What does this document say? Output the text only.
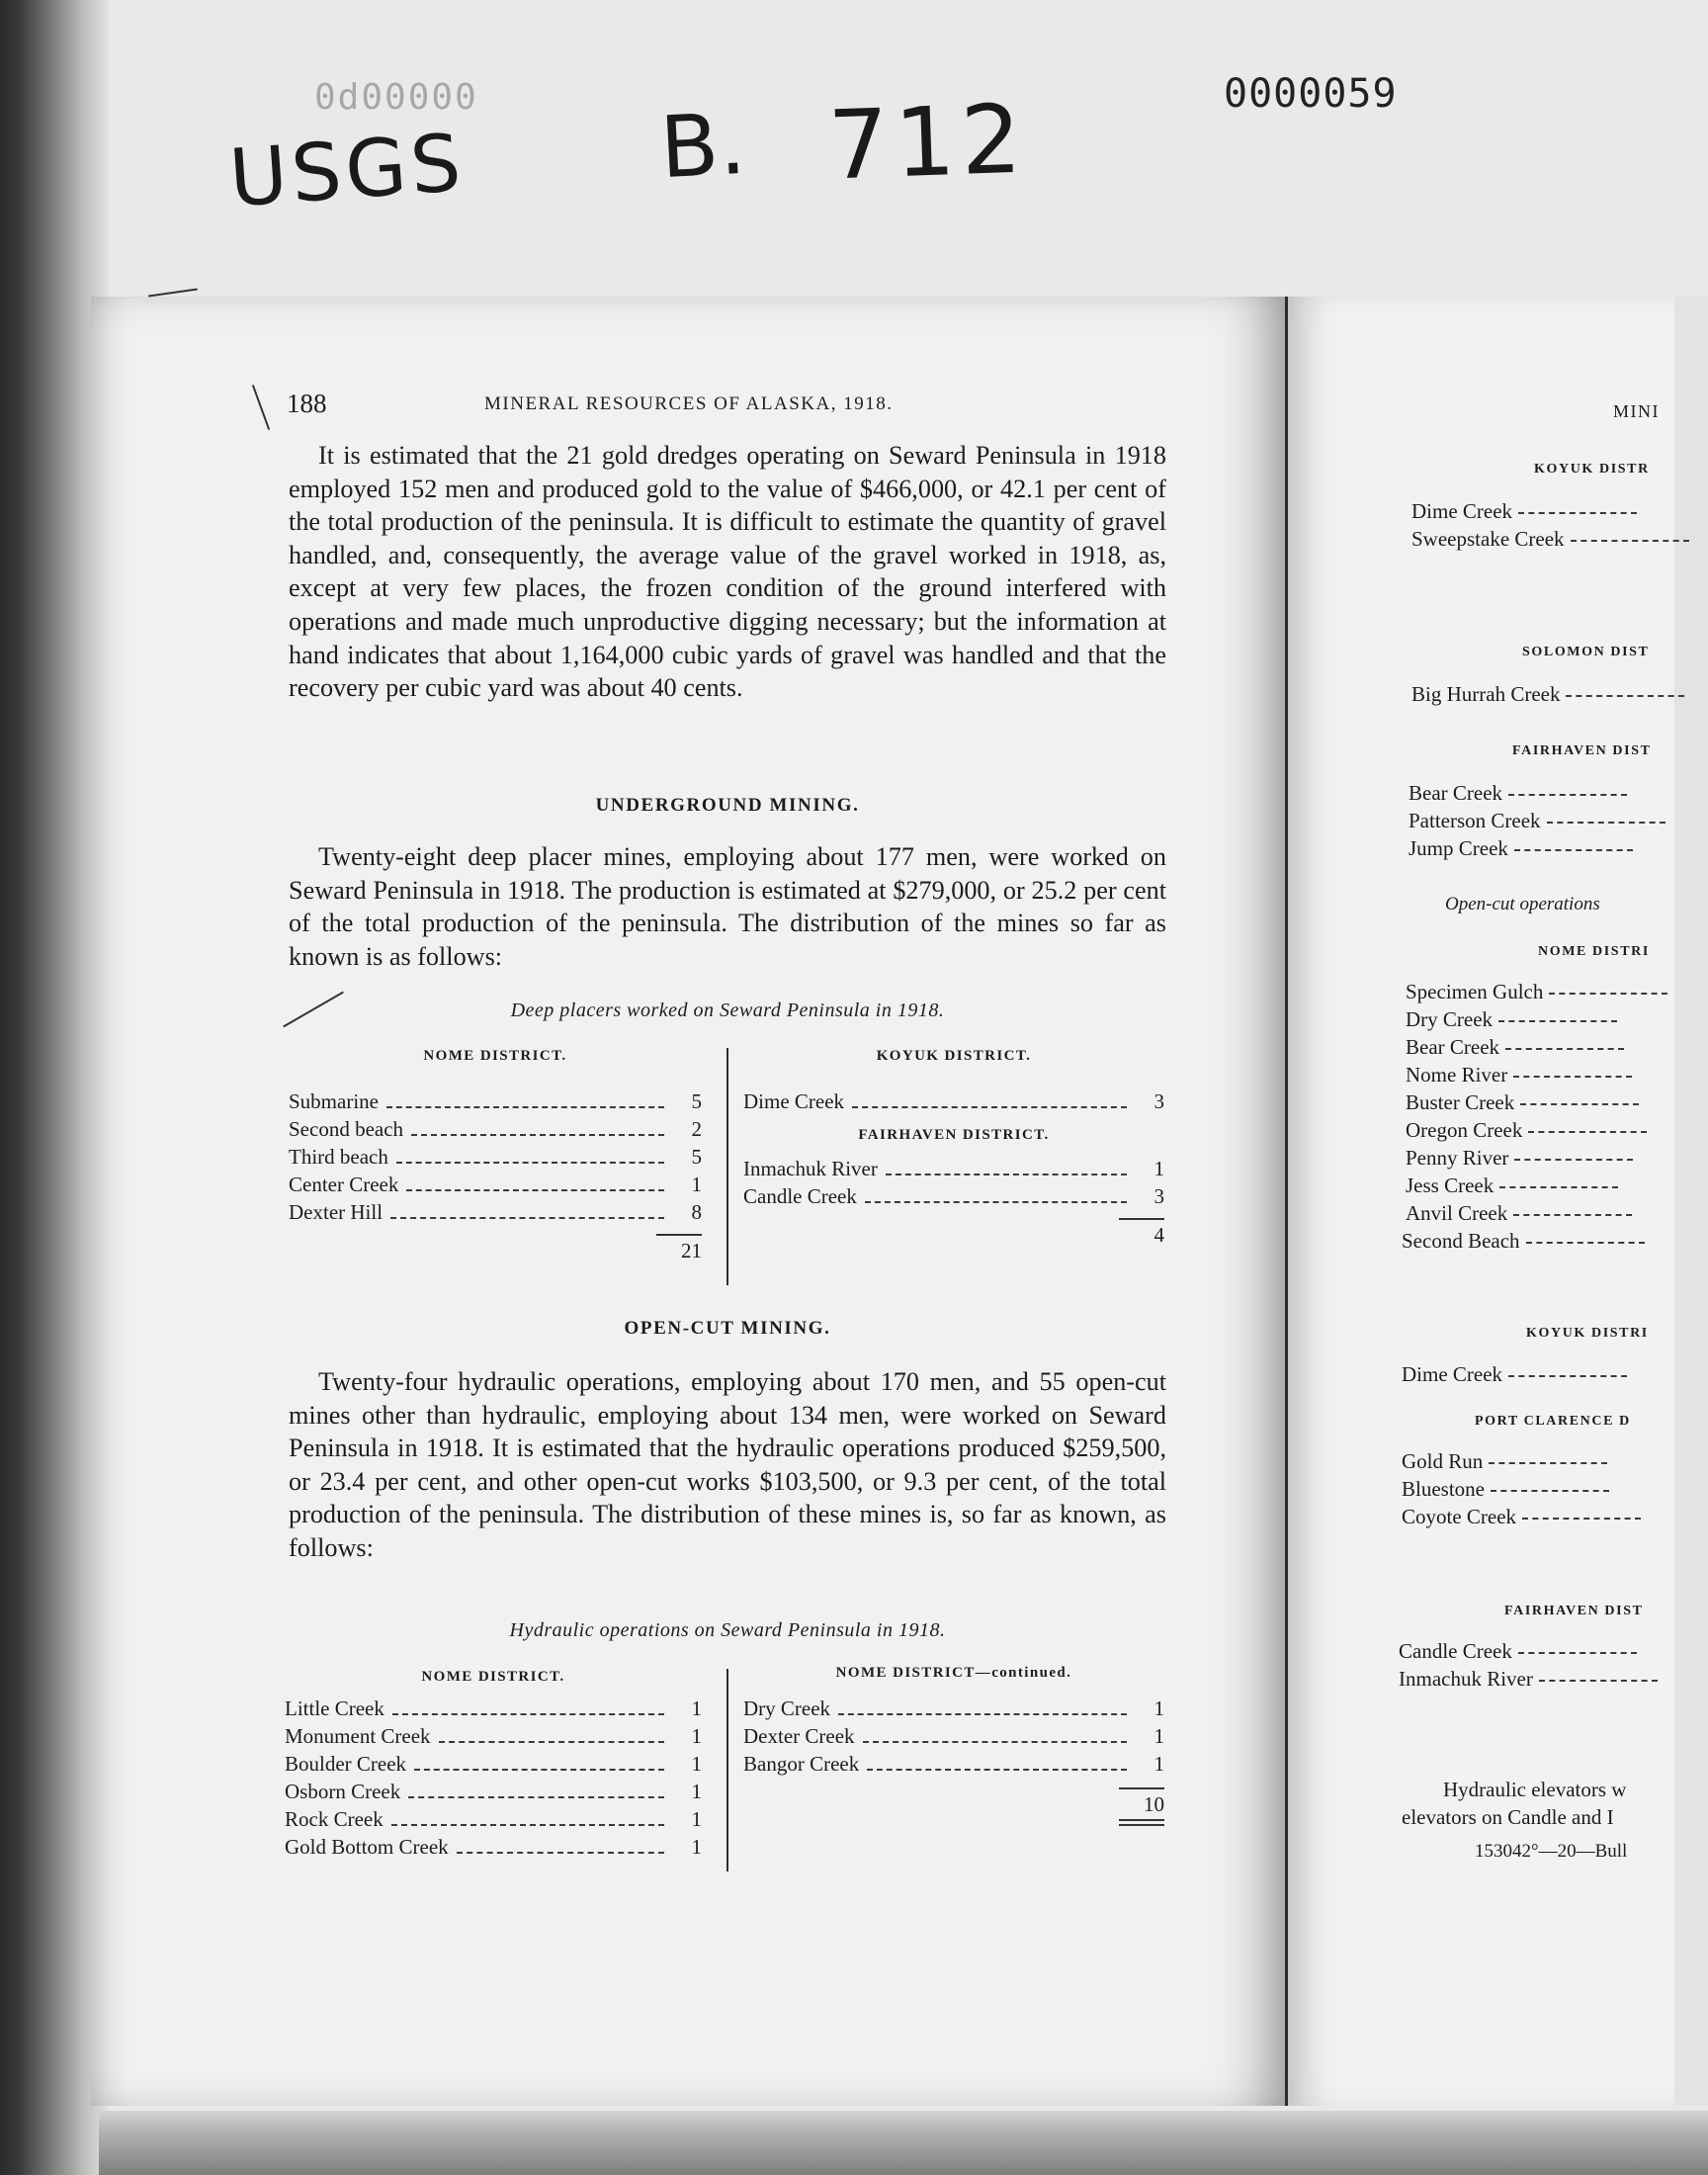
0d00000	0000059
USGS B. 712
188	MINERAL RESOURCES OF ALASKA, 1918.

It is estimated that the 21 gold dredges operating on Seward Peninsula in 1918 employed 152 men and produced gold to the value of $466,000, or 42.1 per cent of the total production of the peninsula. It is difficult to estimate the quantity of gravel handled, and, consequently, the average value of the gravel worked in 1918, as, except at very few places, the frozen condition of the ground interfered with operations and made much unproductive digging necessary; but the information at hand indicates that about 1,164,000 cubic yards of gravel was handled and that the recovery per cubic yard was about 40 cents.

UNDERGROUND MINING.

Twenty-eight deep placer mines, employing about 177 men, were worked on Seward Peninsula in 1918. The production is estimated at $279,000, or 25.2 per cent of the total production of the peninsula. The distribution of the mines so far as known is as follows:

Deep placers worked on Seward Peninsula in 1918.
NOME DISTRICT.
Submarine	5
Second beach	2
Third beach	5
Center Creek	1
Dexter Hill	8
21
KOYUK DISTRICT.
Dime Creek	3
FAIRHAVEN DISTRICT.
Inmachuk River	1
Candle Creek	3
4
OPEN-CUT MINING.

Twenty-four hydraulic operations, employing about 170 men, and 55 open-cut mines other than hydraulic, employing about 134 men, were worked on Seward Peninsula in 1918. It is estimated that the hydraulic operations produced $259,500, or 23.4 per cent, and other open-cut works $103,500, or 9.3 per cent, of the total production of the peninsula. The distribution of these mines is, so far as known, as follows:

Hydraulic operations on Seward Peninsula in 1918.
NOME DISTRICT.
Little Creek	1
Monument Creek	1
Boulder Creek	1
Osborn Creek	1
Rock Creek	1
Gold Bottom Creek	1
NOME DISTRICT—continued.
Dry Creek	1
Dexter Creek	1
Bangor Creek	1
10
MINI
KOYUK DISTR
Dime Creek
Sweepstake Creek
SOLOMON DIST
Big Hurrah Creek
FAIRHAVEN DIST
Bear Creek
Patterson Creek
Jump Creek
Open-cut operations
NOME DISTRI
Specimen Gulch
Dry Creek
Bear Creek
Nome River
Buster Creek
Oregon Creek
Penny River
Jess Creek
Anvil Creek
Second Beach
KOYUK DISTRI
Dime Creek
PORT CLARENCE D
Gold Run
Bluestone
Coyote Creek
FAIRHAVEN DIST
Candle Creek
Inmachuk River
Hydraulic elevators w
elevators on Candle and I
153042°—20—Bull
